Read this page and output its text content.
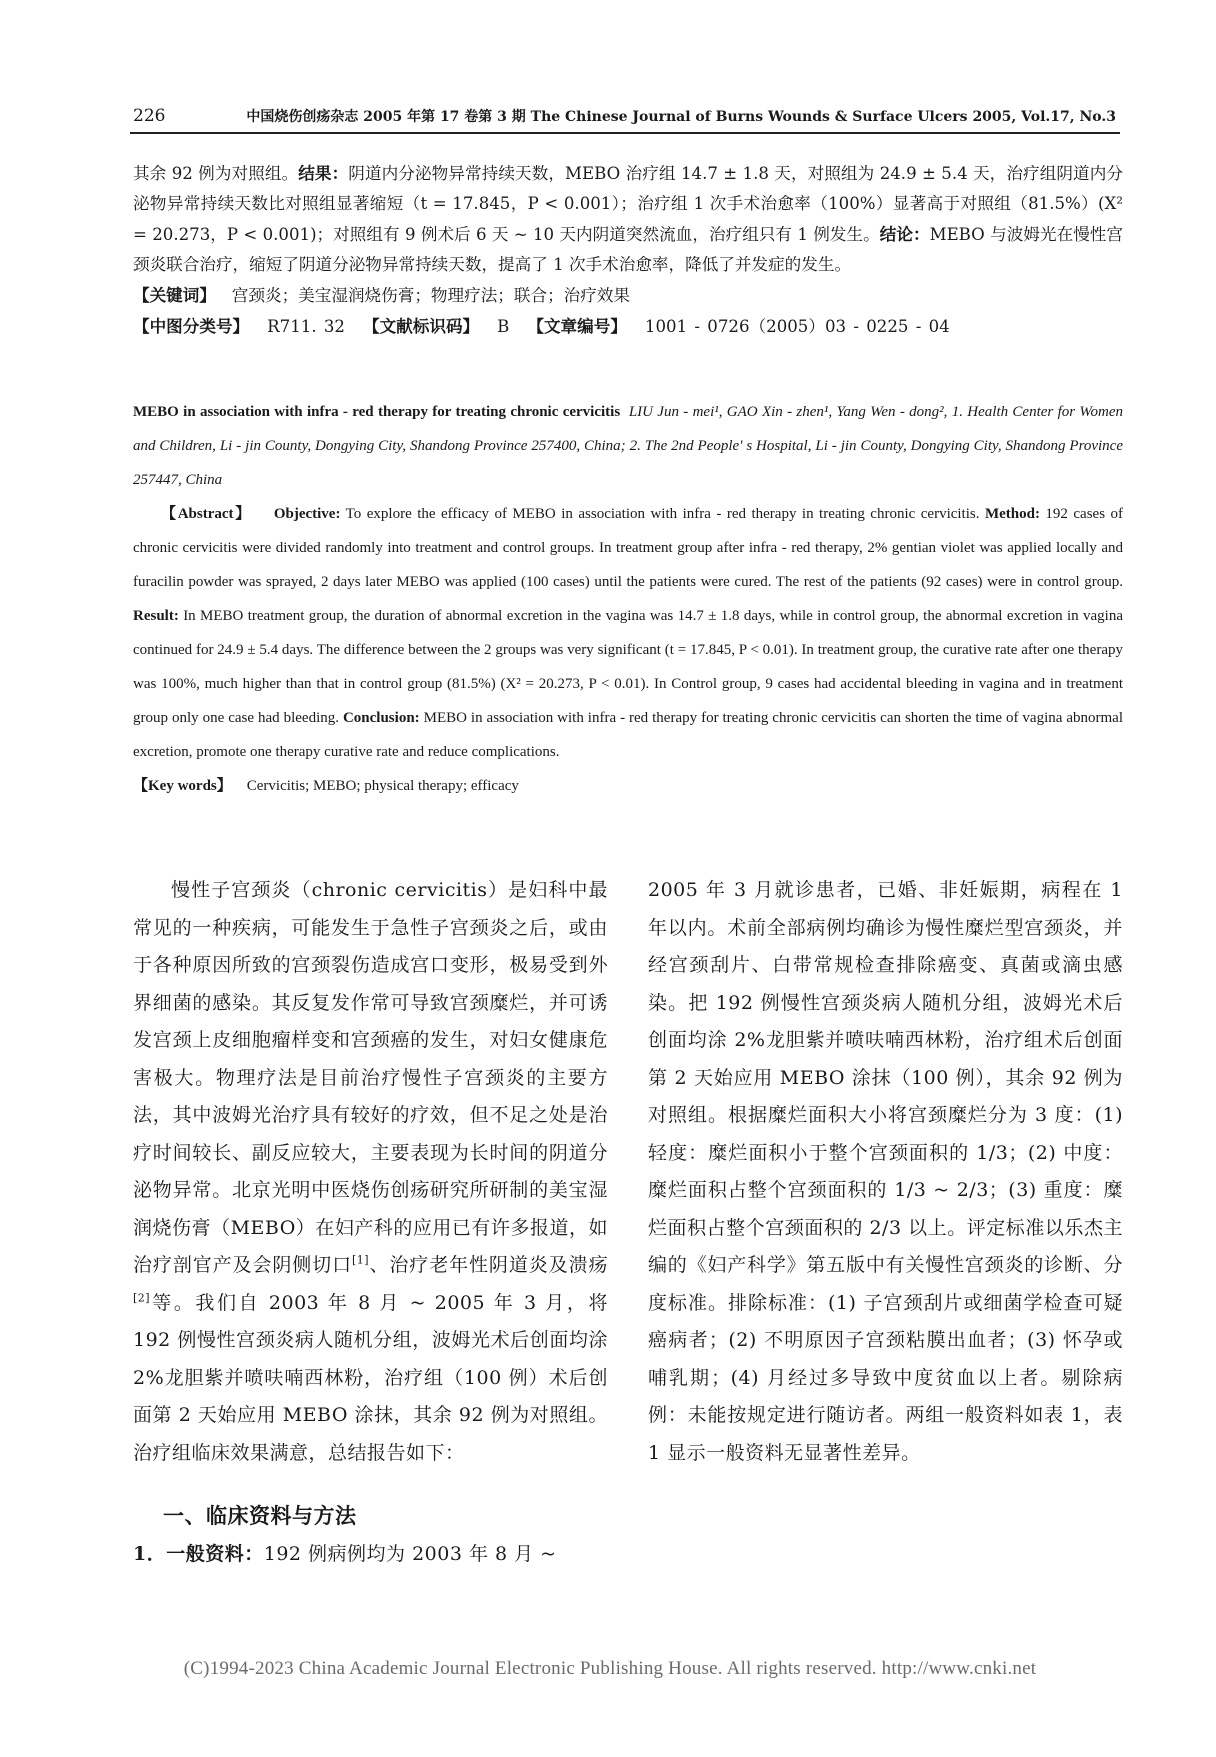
226	中国烧伤创疡杂志 2005 年第 17 卷第 3 期 The Chinese Journal of Burns Wounds & Surface Ulcers 2005, Vol.17, No.3

其余 92 例为对照组。结果：阴道内分泌物异常持续天数，MEBO 治疗组 14.7 ± 1.8 天，对照组为 24.9 ± 5.4 天，治疗组阴道内分泌物异常持续天数比对照组显著缩短（t = 17.845，P < 0.001）；治疗组 1 次手术治愈率（100%）显著高于对照组（81.5%）(X² = 20.273，P < 0.001)；对照组有 9 例术后 6 天 ~ 10 天内阴道突然流血，治疗组只有 1 例发生。结论：MEBO 与波姆光在慢性宫颈炎联合治疗，缩短了阴道分泌物异常持续天数，提高了 1 次手术治愈率，降低了并发症的发生。

【关键词】 宫颈炎；美宝湿润烧伤膏；物理疗法；联合；治疗效果

【中图分类号】 R711. 32 【文献标识码】 B 【文章编号】 1001 - 0726（2005）03 - 0225 - 04

MEBO in association with infra - red therapy for treating chronic cervicitis LIU Jun - mei¹, GAO Xin - zhen¹, Yang Wen - dong², 1. Health Center for Women and Children, Li - jin County, Dongying City, Shandong Province 257400, China; 2. The 2nd People' s Hospital, Li - jin County, Dongying City, Shandong Province 257447, China

【Abstract】 Objective: To explore the efficacy of MEBO in association with infra - red therapy in treating chronic cervicitis. Method: 192 cases of chronic cervicitis were divided randomly into treatment and control groups. In treatment group after infra - red therapy, 2% gentian violet was applied locally and furacilin powder was sprayed, 2 days later MEBO was applied (100 cases) until the patients were cured. The rest of the patients (92 cases) were in control group. Result: In MEBO treatment group, the duration of abnormal excretion in the vagina was 14.7 ± 1.8 days, while in control group, the abnormal excretion in vagina continued for 24.9 ± 5.4 days. The difference between the 2 groups was very significant (t = 17.845, P < 0.01). In treatment group, the curative rate after one therapy was 100%, much higher than that in control group (81.5%) (X² = 20.273, P < 0.01). In Control group, 9 cases had accidental bleeding in vagina and in treatment group only one case had bleeding. Conclusion: MEBO in association with infra - red therapy for treating chronic cervicitis can shorten the time of vagina abnormal excretion, promote one therapy curative rate and reduce complications.

【Key words】 Cervicitis; MEBO; physical therapy; efficacy

慢性子宫颈炎（chronic cervicitis）是妇科中最常见的一种疾病，可能发生于急性子宫颈炎之后，或由于各种原因所致的宫颈裂伤造成宫口变形，极易受到外界细菌的感染。其反复发作常可导致宫颈糜烂，并可诱发宫颈上皮细胞瘤样变和宫颈癌的发生，对妇女健康危害极大。物理疗法是目前治疗慢性子宫颈炎的主要方法，其中波姆光治疗具有较好的疗效，但不足之处是治疗时间较长、副反应较大，主要表现为长时间的阴道分泌物异常。北京光明中医烧伤创疡研究所研制的美宝湿润烧伤膏（MEBO）在妇产科的应用已有许多报道，如治疗剖官产及会阴侧切口[1]、治疗老年性阴道炎及溃疡[2]等。我们自 2003 年 8 月 ~ 2005 年 3 月，将 192 例慢性宫颈炎病人随机分组，波姆光术后创面均涂 2%龙胆紫并喷呋喃西林粉，治疗组（100 例）术后创面第 2 天始应用 MEBO 涂抹，其余 92 例为对照组。治疗组临床效果满意，总结报告如下：

一、临床资料与方法

1．一般资料：192 例病例均为 2003 年 8 月 ~

2005 年 3 月就诊患者，已婚、非妊娠期，病程在 1 年以内。术前全部病例均确诊为慢性糜烂型宫颈炎，并经宫颈刮片、白带常规检查排除癌变、真菌或滴虫感染。把 192 例慢性宫颈炎病人随机分组，波姆光术后创面均涂 2%龙胆紫并喷呋喃西林粉，治疗组术后创面第 2 天始应用 MEBO 涂抹（100 例），其余 92 例为对照组。根据糜烂面积大小将宫颈糜烂分为 3 度：(1) 轻度：糜烂面积小于整个宫颈面积的 1/3；(2) 中度：糜烂面积占整个宫颈面积的 1/3 ~ 2/3；(3) 重度：糜烂面积占整个宫颈面积的 2/3 以上。评定标准以乐杰主编的《妇产科学》第五版中有关慢性宫颈炎的诊断、分度标准。排除标准：(1) 子宫颈刮片或细菌学检查可疑癌病者；(2) 不明原因子宫颈粘膜出血者；(3) 怀孕或哺乳期；(4) 月经过多导致中度贫血以上者。剔除病例：未能按规定进行随访者。两组一般资料如表 1，表 1 显示一般资料无显著性差异。

(C)1994-2023 China Academic Journal Electronic Publishing House. All rights reserved. http://www.cnki.net
